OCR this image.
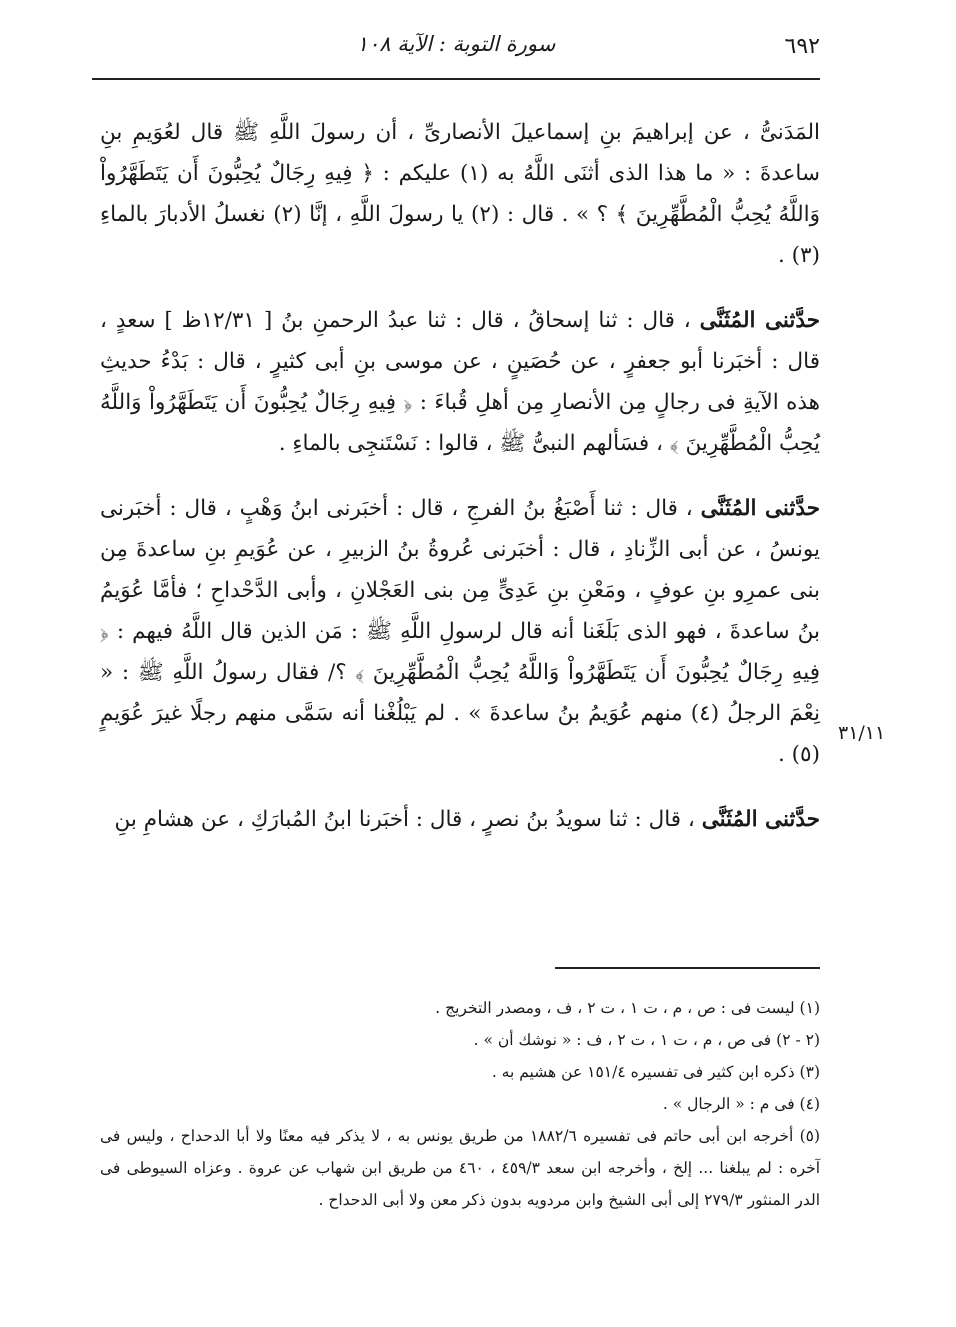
٦٩٢
سورة التوبة : الآية ١٠٨

المَدَنىُّ ، عن إبراهيمَ بنِ إسماعيلَ الأنصارىِّ ، أن رسولَ اللَّهِ ﷺ قال لعُوَيمِ بنِ ساعدةَ : « ما هذا الذى أثنَى اللَّهُ به (١) عليكم : ﴿ فِيهِ رِجَالٌ يُحِبُّونَ أَن يَتَطَهَّرُواْ وَاللَّهُ يُحِبُّ الْمُطَّهِّرِينَ ﴾ ؟ » . قال : (٢) يا رسولَ اللَّهِ ، إنَّا (٢) نغسلُ الأدبارَ بالماءِ (٣) .

حدَّثنى المُثَنَّى ، قال : ثنا إسحاقُ ، قال : ثنا عبدُ الرحمنِ بنُ [ ١٢/٣١ظ ] سعدٍ ، قال : أخبَرنا أبو جعفرٍ ، عن حُصَينٍ ، عن موسى بنِ أبى كثيرٍ ، قال : بَدْءُ حديثِ هذه الآيةِ فى رجالٍ مِن الأنصارِ مِن أهلِ قُباءَ : ﴿ فِيهِ رِجَالٌ يُحِبُّونَ أَن يَتَطَهَّرُواْ وَاللَّهُ يُحِبُّ الْمُطَّهِّرِينَ ﴾ ، فسَألهم النبىُّ ﷺ ، قالوا : نَسْتَنجِى بالماءِ .

حدَّثنى المُثَنَّى ، قال : ثنا أَصْبَغُ بنُ الفرجِ ، قال : أخبَرنى ابنُ وَهْبٍ ، قال : أخبَرنى يونسُ ، عن أبى الزِّنادِ ، قال : أخبَرنى عُروةُ بنُ الزبيرِ ، عن عُوَيمِ بنِ ساعدةَ مِن بنى عمرِو بنِ عوفٍ ، ومَعْنِ بنِ عَدِىٍّ مِن بنى العَجْلانِ ، وأبى الدَّحْداحِ ؛ فأمَّا عُوَيمُ بنُ ساعدةَ ، فهو الذى بَلَغَنا أنه قال لرسولِ اللَّهِ ﷺ : مَن الذين قال اللَّهُ فيهم : ﴿ فِيهِ رِجَالٌ يُحِبُّونَ أَن يَتَطَهَّرُواْ وَاللَّهُ يُحِبُّ الْمُطَّهِّرِينَ ﴾ ؟/ فقال رسولُ اللَّهِ ﷺ : « نِعْمَ الرجلُ (٤) منهم عُوَيمُ بنُ ساعدةَ » . لم يَبْلُغْنا أنه سَمَّى منهم رجلًا غيرَ عُوَيمٍ (٥) .

حدَّثنى المُثَنَّى ، قال : ثنا سويدُ بنُ نصرٍ ، قال : أخبَرنا ابنُ المُبارَكِ ، عن هشامِ بنِ

٣١/١١

(١) ليست فى : ص ، م ، ت ١ ، ت ٢ ، ف ، ومصدر التخريج .

(٢ - ٢) فى ص ، م ، ت ١ ، ت ٢ ، ف : « نوشك أن » .

(٣) ذكره ابن كثير فى تفسيره ١٥١/٤ عن هشيم به .

(٤) فى م : « الرجال » .

(٥) أخرجه ابن أبى حاتم فى تفسيره ١٨٨٢/٦ من طريق يونس به ، لا يذكر فيه معنًا ولا أبا الدحداح ، وليس فى آخره : لم يبلغنا ... إلخ ، وأخرجه ابن سعد ٤٥٩/٣ ، ٤٦٠ من طريق ابن شهاب عن عروة . وعزاه السيوطى فى الدر المنثور ٢٧٩/٣ إلى أبى الشيخ وابن مردويه بدون ذكر معن ولا أبى الدحداح .
